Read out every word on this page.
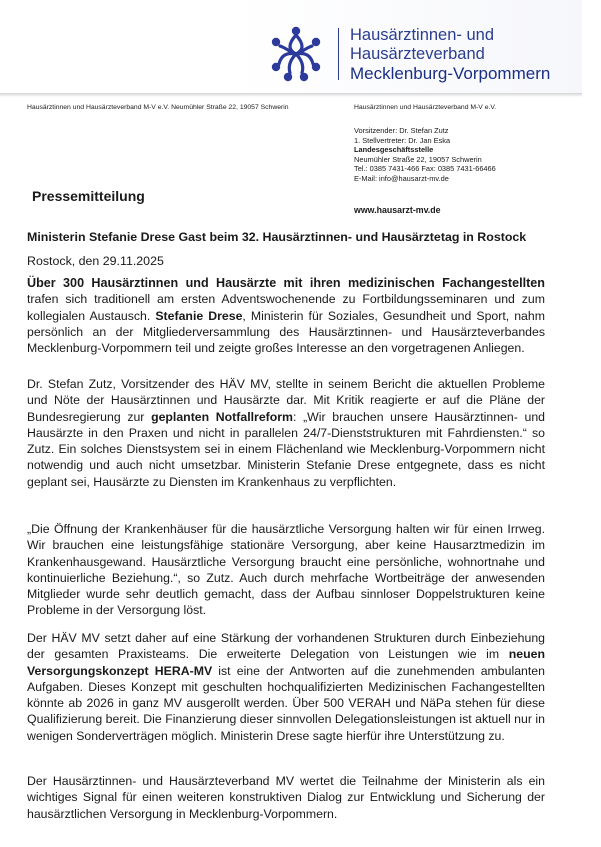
Hausärztinnen- und
Hausärzteverband
Mecklenburg-Vorpommern
Hausärztinnen und Hausärzteverband M-V e.V. Neumühler Straße 22, 19057 Schwerin	Hausärztinnen und Hausärzteverband M-V e.V.
Vorsitzender: Dr. Stefan Zutz
1. Stellvertreter: Dr. Jan Eska
Landesgeschäftsstelle
Neumühler Straße 22, 19057 Schwerin
Tel.: 0385 7431-466 Fax: 0385 7431-66466
E-Mail: info@hausarzt-mv.de
www.hausarzt-mv.de
Pressemitteilung
Ministerin Stefanie Drese Gast beim 32. Hausärztinnen- und Hausärztetag in Rostock
Rostock, den 29.11.2025
Über 300 Hausärztinnen und Hausärzte mit ihren medizinischen Fachangestellten trafen sich traditionell am ersten Adventswochenende zu Fortbildungsseminaren und zum kollegialen Austausch. Stefanie Drese, Ministerin für Soziales, Gesundheit und Sport, nahm persönlich an der Mitgliederversammlung des Hausärztinnen- und Hausärzteverbandes Mecklenburg-Vorpommern teil und zeigte großes Interesse an den vorgetragenen Anliegen.
Dr. Stefan Zutz, Vorsitzender des HÄV MV, stellte in seinem Bericht die aktuellen Probleme und Nöte der Hausärztinnen und Hausärzte dar. Mit Kritik reagierte er auf die Pläne der Bundesregierung zur geplanten Notfallreform: „Wir brauchen unsere Hausärztinnen- und Hausärzte in den Praxen und nicht in parallelen 24/7-Dienststrukturen mit Fahrdiensten.“ so Zutz. Ein solches Dienstsystem sei in einem Flächenland wie Mecklenburg-Vorpommern nicht notwendig und auch nicht umsetzbar. Ministerin Stefanie Drese entgegnete, dass es nicht geplant sei, Hausärzte zu Diensten im Krankenhaus zu verpflichten.
„Die Öffnung der Krankenhäuser für die hausärztliche Versorgung halten wir für einen Irrweg. Wir brauchen eine leistungsfähige stationäre Versorgung, aber keine Hausarztmedizin im Krankenhausgewand. Hausärztliche Versorgung braucht eine persönliche, wohnortnahe und kontinuierliche Beziehung.“, so Zutz. Auch durch mehrfache Wortbeiträge der anwesenden Mitglieder wurde sehr deutlich gemacht, dass der Aufbau sinnloser Doppelstrukturen keine Probleme in der Versorgung löst.
Der HÄV MV setzt daher auf eine Stärkung der vorhandenen Strukturen durch Einbeziehung der gesamten Praxisteams. Die erweiterte Delegation von Leistungen wie im neuen Versorgungskonzept HERA-MV ist eine der Antworten auf die zunehmenden ambulanten Aufgaben. Dieses Konzept mit geschulten hochqualifizierten Medizinischen Fachangestellten könnte ab 2026 in ganz MV ausgerollt werden. Über 500 VERAH und NäPa stehen für diese Qualifizierung bereit. Die Finanzierung dieser sinnvollen Delegationsleistungen ist aktuell nur in wenigen Sonderverträgen möglich. Ministerin Drese sagte hierfür ihre Unterstützung zu.
Der Hausärztinnen- und Hausärzteverband MV wertet die Teilnahme der Ministerin als ein wichtiges Signal für einen weiteren konstruktiven Dialog zur Entwicklung und Sicherung der hausärztlichen Versorgung in Mecklenburg-Vorpommern.
